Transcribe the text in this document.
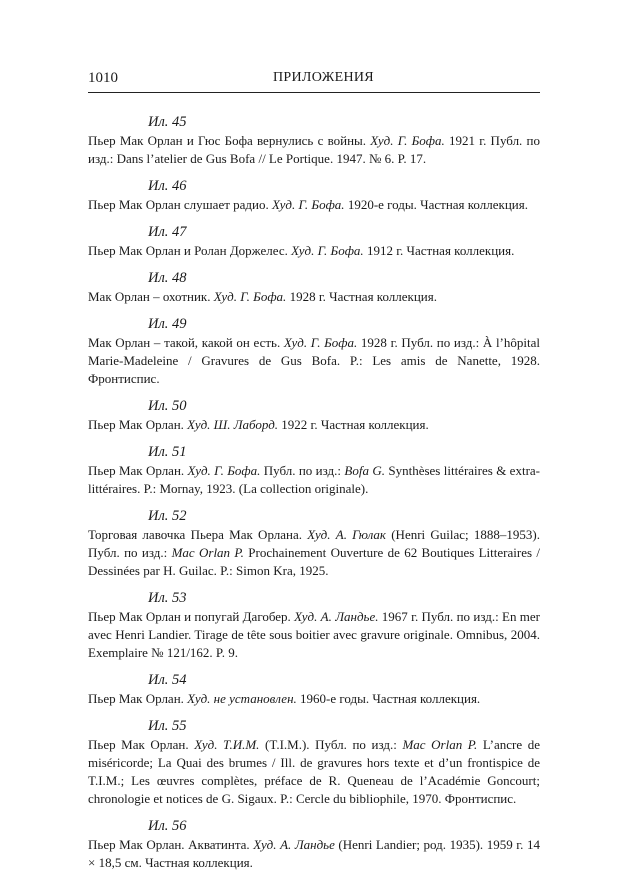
1010	ПРИЛОЖЕНИЯ
Ил. 45
Пьер Мак Орлан и Гюс Бофа вернулись с войны. Худ. Г. Бофа. 1921 г. Публ. по изд.: Dans l’atelier de Gus Bofa // Le Portique. 1947. № 6. P. 17.
Ил. 46
Пьер Мак Орлан слушает радио. Худ. Г. Бофа. 1920-е годы. Частная коллекция.
Ил. 47
Пьер Мак Орлан и Ролан Доржелес. Худ. Г. Бофа. 1912 г. Частная коллекция.
Ил. 48
Мак Орлан – охотник. Худ. Г. Бофа. 1928 г. Частная коллекция.
Ил. 49
Мак Орлан – такой, какой он есть. Худ. Г. Бофа. 1928 г. Публ. по изд.: À l’hôpital Marie-Madeleine / Gravures de Gus Bofa. P.: Les amis de Nanette, 1928. Фронтиспис.
Ил. 50
Пьер Мак Орлан. Худ. Ш. Лаборд. 1922 г. Частная коллекция.
Ил. 51
Пьер Мак Орлан. Худ. Г. Бофа. Публ. по изд.: Bofa G. Synthèses littéraires & extra-littéraires. P.: Mornay, 1923. (La collection originale).
Ил. 52
Торговая лавочка Пьера Мак Орлана. Худ. А. Гюлак (Henri Guilac; 1888–1953). Публ. по изд.: Mac Orlan P. Prochainement Ouverture de 62 Boutiques Litteraires / Dessinées par H. Guilac. P.: Simon Kra, 1925.
Ил. 53
Пьер Мак Орлан и попугай Дагобер. Худ. А. Ландье. 1967 г. Публ. по изд.: En mer avec Henri Landier. Tirage de tête sous boitier avec gravure originale. Omnibus, 2004. Exemplaire № 121/162. P. 9.
Ил. 54
Пьер Мак Орлан. Худ. не установлен. 1960-е годы. Частная коллекция.
Ил. 55
Пьер Мак Орлан. Худ. Т.И.М. (T.I.M.). Публ. по изд.: Mac Orlan P. L’ancre de miséricorde; La Quai des brumes / Ill. de gravures hors texte et d’un frontispice de T.I.M.; Les œuvres complètes, préface de R. Queneau de l’Académie Goncourt; chronologie et notices de G. Sigaux. P.: Cercle du bibliophile, 1970. Фронтиспис.
Ил. 56
Пьер Мак Орлан. Акватинта. Худ. А. Ландье (Henri Landier; род. 1935). 1959 г. 14 × 18,5 см. Частная коллекция.
